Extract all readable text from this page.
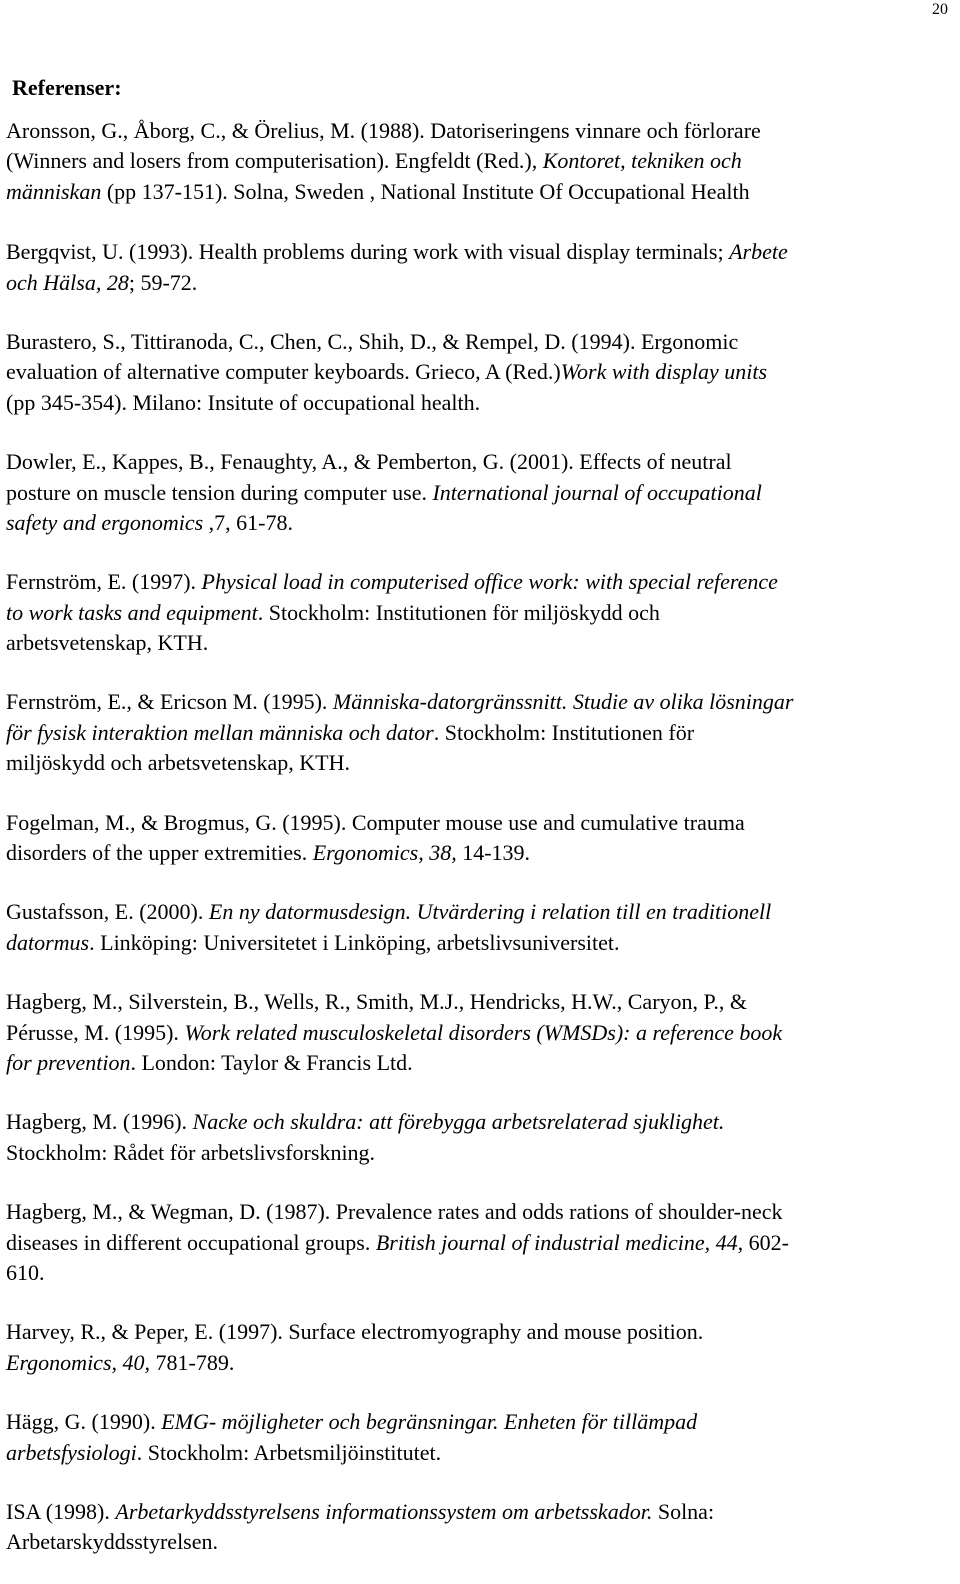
20
Referenser:
Aronsson, G., Åborg, C., & Örelius, M. (1988). Datoriseringens vinnare och förlorare
(Winners and losers from computerisation). Engfeldt (Red.), Kontoret, tekniken och
människan (pp 137-151). Solna, Sweden , National Institute Of Occupational Health
Bergqvist, U. (1993). Health problems during work with visual display terminals; Arbete
och Hälsa, 28; 59-72.
Burastero, S., Tittiranoda, C., Chen, C., Shih, D., & Rempel, D. (1994). Ergonomic
evaluation of alternative computer keyboards. Grieco, A (Red.)Work with display units
(pp 345-354). Milano: Insitute of occupational health.
Dowler, E., Kappes, B., Fenaughty, A., & Pemberton, G. (2001). Effects of neutral
posture on muscle tension during computer use. International journal of occupational
safety and ergonomics ,7, 61-78.
Fernström, E. (1997). Physical load in computerised office work: with special reference
to work tasks and equipment. Stockholm: Institutionen för miljöskydd och
arbetsvetenskap, KTH.
Fernström, E., & Ericson M. (1995). Människa-datorgränssnitt. Studie av olika lösningar
för fysisk interaktion mellan människa och dator. Stockholm: Institutionen för
miljöskydd och arbetsvetenskap, KTH.
Fogelman, M., & Brogmus, G. (1995). Computer mouse use and cumulative trauma
disorders of the upper extremities. Ergonomics, 38, 14-139.
Gustafsson, E. (2000). En ny datormusdesign. Utvärdering i relation till en traditionell
datormus. Linköping: Universitetet i Linköping, arbetslivsuniversitet.
Hagberg, M., Silverstein, B., Wells, R., Smith, M.J., Hendricks, H.W., Caryon, P., &
Pérusse, M. (1995). Work related musculoskeletal disorders (WMSDs): a reference book
for prevention. London: Taylor & Francis Ltd.
Hagberg, M. (1996). Nacke och skuldra: att förebygga arbetsrelaterad sjuklighet.
Stockholm: Rådet för arbetslivsforskning.
Hagberg, M., & Wegman, D. (1987). Prevalence rates and odds rations of shoulder-neck
diseases in different occupational groups. British journal of industrial medicine, 44, 602-
610.
Harvey, R., & Peper, E. (1997). Surface electromyography and mouse position.
Ergonomics, 40, 781-789.
Hägg, G. (1990). EMG- möjligheter och begränsningar. Enheten för tillämpad
arbetsfysiologi. Stockholm: Arbetsmiljöinstitutet.
ISA (1998). Arbetarkyddsstyrelsens informationssystem om arbetsskador. Solna:
Arbetarskyddsstyrelsen.
